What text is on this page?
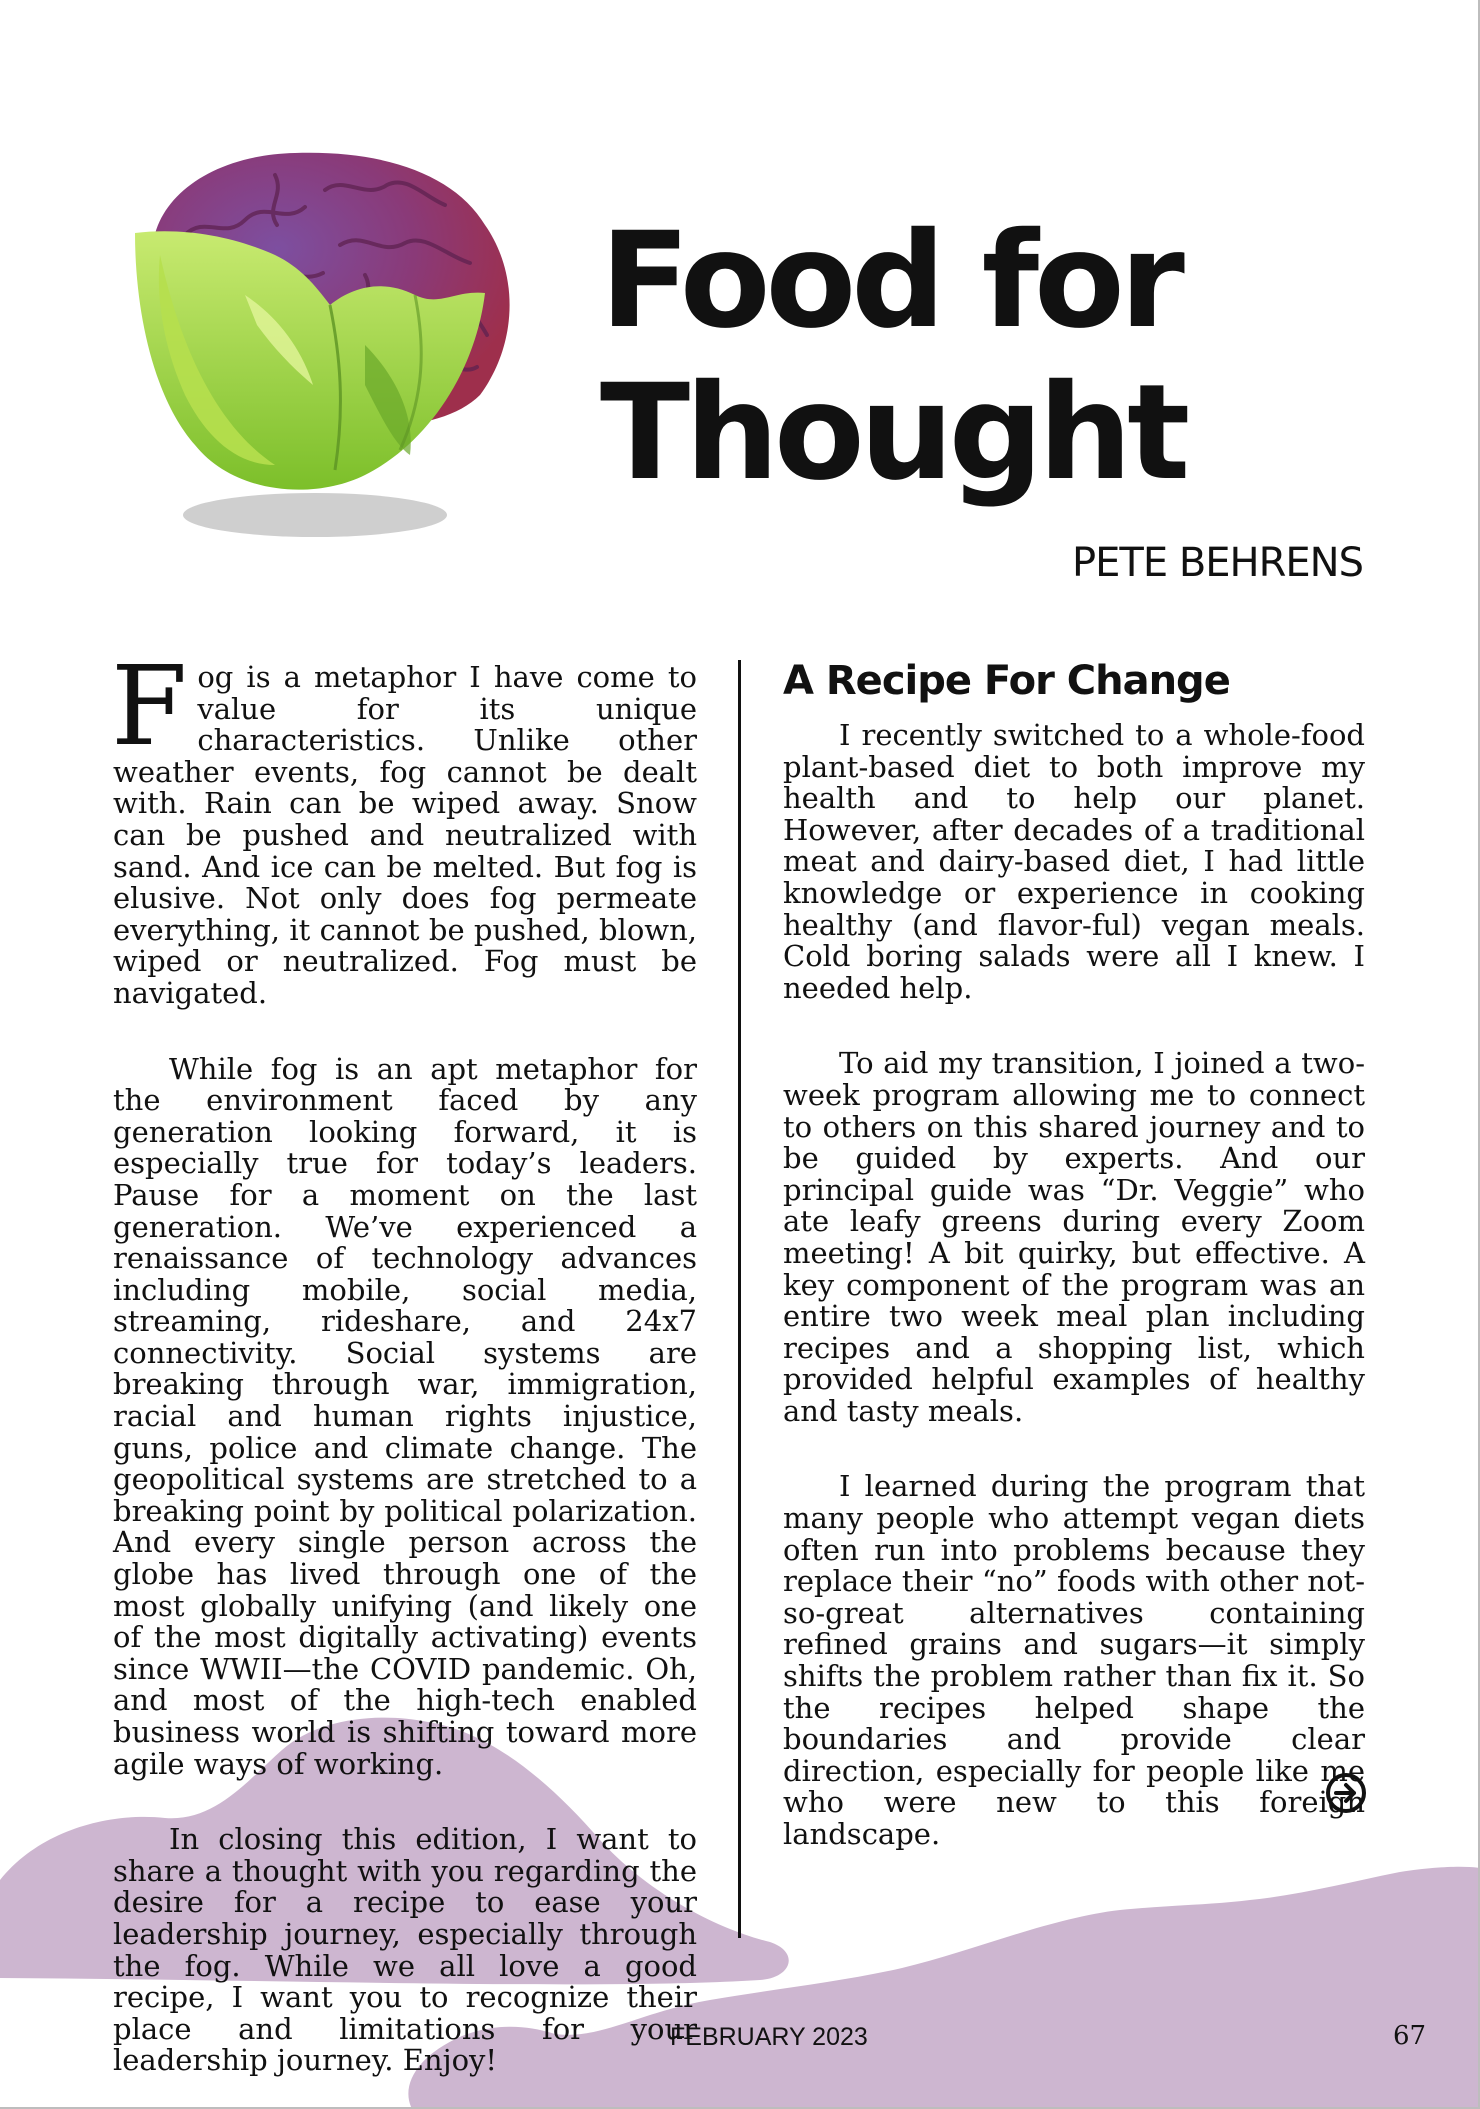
Food for Thought

PETE BEHRENS

Fog is a metaphor I have come to value for its unique characteristics. Unlike other weather events, fog cannot be dealt with. Rain can be wiped away. Snow can be pushed and neutralized with sand. And ice can be melted. But fog is elusive. Not only does fog permeate everything, it cannot be pushed, blown, wiped or neutralized. Fog must be navigated.

While fog is an apt metaphor for the environment faced by any generation looking forward, it is especially true for today’s leaders. Pause for a moment on the last generation. We’ve experienced a renaissance of technology advances including mobile, social media, streaming, rideshare, and 24x7 connectivity. Social systems are breaking through war, immigration, racial and human rights injustice, guns, police and climate change. The geopolitical systems are stretched to a breaking point by political polarization. And every single person across the globe has lived through one of the most globally unifying (and likely one of the most digitally activating) events since WWII—the COVID pandemic. Oh, and most of the high-tech enabled business world is shifting toward more agile ways of working.

In closing this edition, I want to share a thought with you regarding the desire for a recipe to ease your leadership journey, especially through the fog. While we all love a good recipe, I want you to recognize their place and limitations for your leadership journey. Enjoy!

A Recipe For Change

I recently switched to a whole-food plant-based diet to both improve my health and to help our planet. However, after decades of a traditional meat and dairy-based diet, I had little knowledge or experience in cooking healthy (and flavor-ful) vegan meals. Cold boring salads were all I knew. I needed help.

To aid my transition, I joined a two-week program allowing me to connect to others on this shared journey and to be guided by experts. And our principal guide was “Dr. Veggie” who ate leafy greens during every Zoom meeting! A bit quirky, but effective. A key component of the program was an entire two week meal plan including recipes and a shopping list, which provided helpful examples of healthy and tasty meals.

I learned during the program that many people who attempt vegan diets often run into problems because they replace their “no” foods with other not-so-great alternatives containing refined grains and sugars—it simply shifts the problem rather than fix it. So the recipes helped shape the boundaries and provide clear direction, especially for people like me who were new to this foreign landscape.

FEBRUARY 2023	67
